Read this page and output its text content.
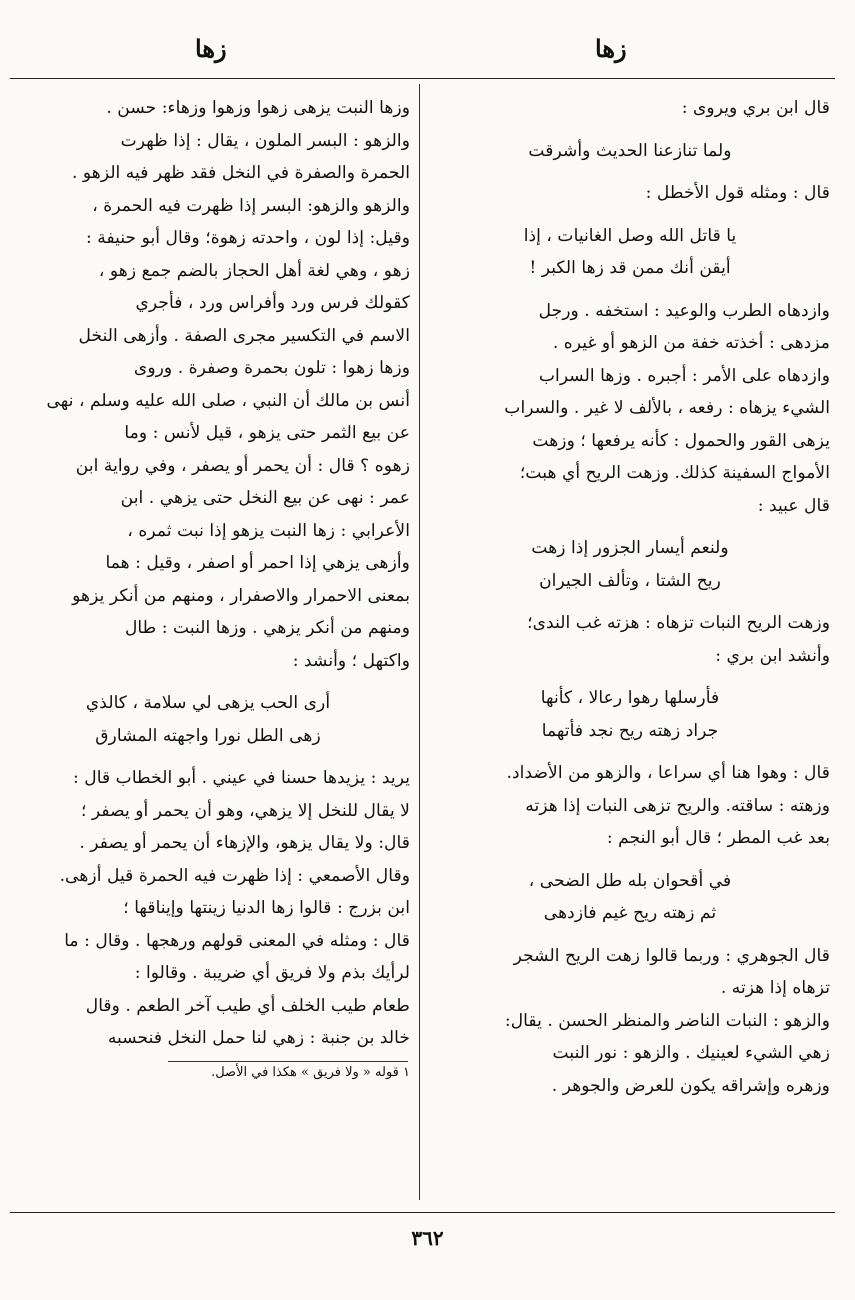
زها	زها
قال ابن بري ويروى :
ولما تنازعنا الحديث وأشرقت
قال : ومثله قول الأخطل :
يا قاتل الله وصل الغانيات ، إذا
أيقن أنك ممن قد زها الكبر !
وازدهاه الطرب والوعيد : استخفه . ورجل
مزدهى : أخذته خفة من الزهو أو غيره .
وازدهاه على الأمر : أجبره . وزها السراب
الشيء يزهاه : رفعه ، بالألف لا غير . والسراب
يزهى القور والحمول : كأنه يرفعها ؛ وزهت
الأمواج السفينة كذلك. وزهت الريح أي هبت؛
قال عبيد :
ولنعم أيسار الجزور إذا زهت
ريح الشتا ، وتألف الجيران
وزهت الريح النبات تزهاه : هزته غب الندى؛
وأنشد ابن بري :
فأرسلها رهوا رعالا ، كأنها
جراد زهته ريح نجد فأتهما
قال : وهوا هنا أي سراعا ، والزهو من الأضداد.
وزهته : ساقته. والريح تزهى النبات إذا هزته
بعد غب المطر ؛ قال أبو النجم :
في أقحوان بله طل الضحى ،
ثم زهته ريح غيم فازدهى
قال الجوهري : وربما قالوا زهت الريح الشجر
تزهاه إذا هزته .
والزهو : النبات الناضر والمنظر الحسن . يقال:
زهي الشيء لعينيك . والزهو : نور النبت
وزهره وإشراقه يكون للعرض والجوهر .
وزها النبت يزهى زهوا وزهوا وزهاء: حسن .
والزهو : البسر الملون ، يقال : إذا ظهرت
الحمرة والصفرة في النخل فقد ظهر فيه الزهو .
والزهو والزهو: البسر إذا ظهرت فيه الحمرة ،
وقيل: إذا لون ، واحدته زهوة؛ وقال أبو حنيفة :
زهو ، وهي لغة أهل الحجاز بالضم جمع زهو ،
كقولك فرس ورد وأفراس ورد ، فأجري
الاسم في التكسير مجرى الصفة . وأزهى النخل
وزها زهوا : تلون بحمرة وصفرة . وروى
أنس بن مالك أن النبي ، صلى الله عليه وسلم ، نهى
عن بيع الثمر حتى يزهو ، قيل لأنس : وما
زهوه ؟ قال : أن يحمر أو يصفر ، وفي رواية ابن
عمر : نهى عن بيع النخل حتى يزهي . ابن
الأعرابي : زها النبت يزهو إذا نبت ثمره ،
وأزهى يزهي إذا احمر أو اصفر ، وقيل : هما
بمعنى الاحمرار والاصفرار ، ومنهم من أنكر يزهو
ومنهم من أنكر يزهي . وزها النبت : طال
واكتهل ؛ وأنشد :
أرى الحب يزهى لي سلامة ، كالذي
زهى الطل نورا واجهته المشارق
يريد : يزيدها حسنا في عيني . أبو الخطاب قال :
لا يقال للنخل إلا يزهي، وهو أن يحمر أو يصفر ؛
قال: ولا يقال يزهو، والإزهاء أن يحمر أو يصفر .
وقال الأصمعي : إذا ظهرت فيه الحمرة قيل أزهى.
ابن بزرج : قالوا زها الدنيا زينتها وإيناقها ؛
قال : ومثله في المعنى قولهم ورهجها . وقال : ما
لرأيك بذم ولا فريق أي ضريبة . وقالوا :
طعام طيب الخلف أي طيب آخر الطعم . وقال
خالد بن جنبة : زهي لنا حمل النخل فنحسبه
١ قوله « ولا فريق » هكذا في الأصل.
٣٦٢
